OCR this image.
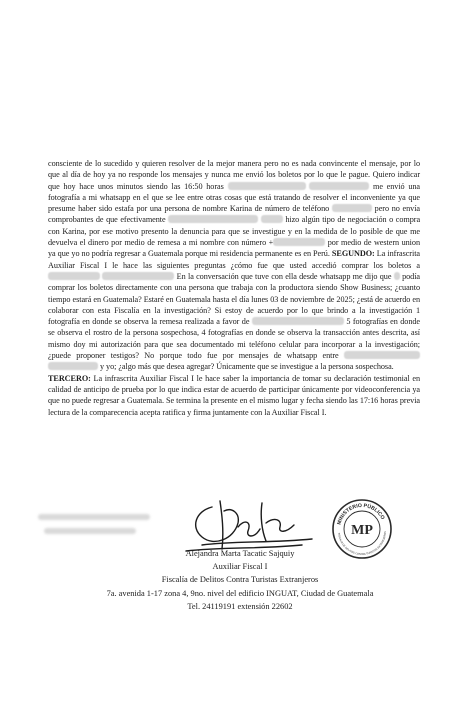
consciente de lo sucedido y quieren resolver de la mejor manera pero no es nada convincente el mensaje, por lo que al día de hoy ya no responde los mensajes y nunca me envió los boletos por lo que le pague. Quiero indicar que hoy hace unos minutos siendo las 16:50 horas	me envió una fotografía a mi whatsapp en el que se lee entre otras cosas que está tratando de resolver el inconveniente ya que presume haber sido estafa por una persona de nombre Karina de número de teléfono	pero no envía comprobantes de que efectivamente	hizo algún tipo de negociación o compra con Karina, por ese motivo presento la denuncia para que se investigue y en la medida de lo posible de que me devuelva el dinero por medio de remesa a mi nombre con número +	por medio de western union ya que yo no podría regresar a Guatemala porque mi residencia permanente es en Perú. SEGUNDO: La infrascrita Auxiliar Fiscal I le hace las siguientes preguntas ¿cómo fue que usted accedió comprar los boletos a   En la conversación que tuve con ella desde whatsapp me dijo que podía comprar los boletos directamente con una persona que trabaja con la productora siendo Show Business; ¿cuanto tiempo estará en Guatemala? Estaré en Guatemala hasta el día lunes 03 de noviembre de 2025; ¿está de acuerdo en colaborar con esta Fiscalía en la investigación? Si estoy de acuerdo por lo que brindo a la investigación 1 fotografía en donde se observa la remesa realizada a favor de	5 fotografías en donde se observa el rostro de la persona sospechosa, 4 fotografías en donde se observa la transacción antes descrita, así mismo doy mi autorización para que sea documentado mi teléfono celular para incorporar a la investigación; ¿puede proponer testigos? No porque todo fue por mensajes de whatsapp entre   y yo; ¿algo más que desea agregar? Únicamente que se investigue a la persona sospechosa.

TERCERO: La infrascrita Auxiliar Fiscal I le hace saber la importancia de tomar su declaración testimonial en calidad de anticipo de prueba por lo que indica estar de acuerdo de participar únicamente por videoconferencia ya que no puede regresar a Guatemala. Se termina la presente en el mismo lugar y fecha siendo las 17:16 horas previa lectura de la comparecencia acepta ratifica y firma juntamente con la Auxiliar Fiscal I.

MINISTERIO PÚBLICO
MP
FISCALÍA DE DELITOS CONTRA TURISTAS EXTRANJEROS
Alejandra Marta Tacatic Sajquiy
Auxiliar Fiscal I
Fiscalía de Delitos Contra Turistas Extranjeros
7a. avenida 1-17 zona 4, 9no. nivel del edificio INGUAT, Ciudad de Guatemala
Tel. 24119191 extensión 22602
